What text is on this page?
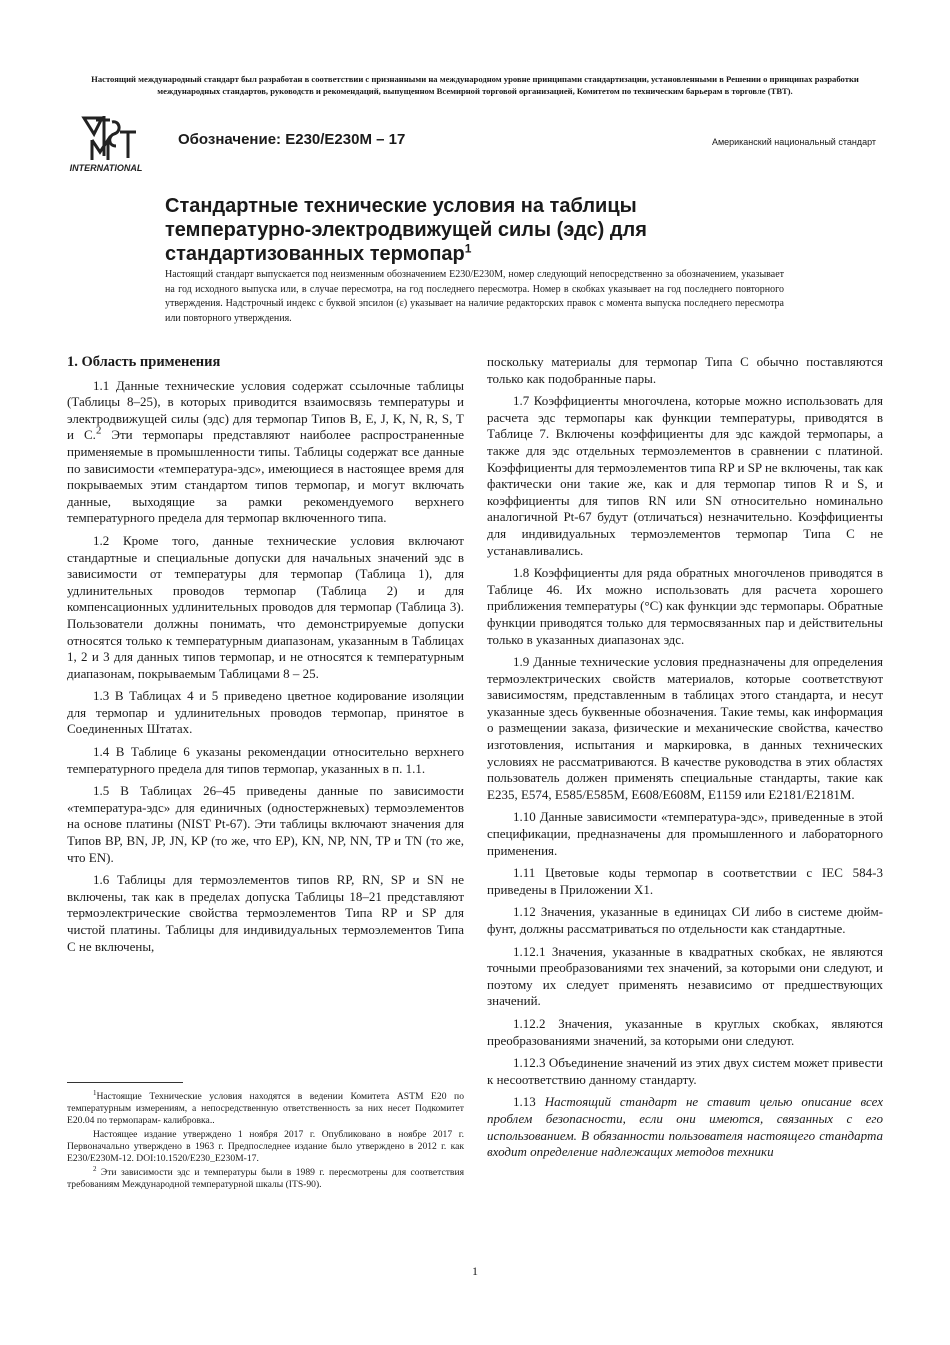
Настоящий международный стандарт был разработан в соответствии с признанными на международном уровне принципами стандартизации, установленными в Решении о принципах разработки международных стандартов, руководств и рекомендаций, выпущенном Всемирной торговой организацией, Комитетом по техническим барьерам в торговле (ТВТ).
INTERNATIONAL
Обозначение: E230/E230M – 17	Американский национальный стандарт
Стандартные технические условия на таблицы температурно-электродвижущей силы (эдс) для стандартизованных термопар$^1$
Настоящий стандарт выпускается под неизменным обозначением E230/E230M, номер следующий непосредственно за обозначением, указывает на год исходного выпуска или, в случае пересмотра, на год последнего пересмотра. Номер в скобках указывает на год последнего повторного утверждения. Надстрочный индекс с буквой эпсилон (ε) указывает на наличие редакторских правок с момента выпуска последнего пересмотра или повторного утверждения.
1. Область применения

1.1 Данные технические условия содержат ссылочные таблицы (Таблицы 8–25), в которых приводится взаимосвязь температуры и электродвижущей силы (эдс) для термопар Типов B, E, J, K, N, R, S, T и C.$^2$ Эти термопары представляют наиболее распространенные применяемые в промышленности типы. Таблицы содержат все данные по зависимости «температура-эдс», имеющиеся в настоящее время для покрываемых этим стандартом типов термопар, и могут включать данные, выходящие за рамки рекомендуемого верхнего температурного предела для термопар включенного типа.

1.2 Кроме того, данные технические условия включают стандартные и специальные допуски для начальных значений эдс в зависимости от температуры для термопар (Таблица 1), для удлинительных проводов термопар (Таблица 2) и для компенсационных удлинительных проводов для термопар (Таблица 3). Пользователи должны понимать, что демонстрируемые допуски относятся только к температурным диапазонам, указанным в Таблицах 1, 2 и 3 для данных типов термопар, и не относятся к температурным диапазонам, покрываемым Таблицами 8 – 25.

1.3 В Таблицах 4 и 5 приведено цветное кодирование изоляции для термопар и удлинительных проводов термопар, принятое в Соединенных Штатах.

1.4 В Таблице 6 указаны рекомендации относительно верхнего температурного предела для типов термопар, указанных в п. 1.1.

1.5 В Таблицах 26–45 приведены данные по зависимости «температура-эдс» для единичных (одностержневых) термоэлементов на основе платины (NIST Pt-67). Эти таблицы включают значения для Типов BP, BN, JP, JN, KP (то же, что EP), KN, NP, NN, TP и TN (то же, что EN).

1.6 Таблицы для термоэлементов типов RP, RN, SP и SN не включены, так как в пределах допуска Таблицы 18–21 представляют термоэлектрические свойства термоэлементов Типа RP и SP для чистой платины. Таблицы для индивидуальных термоэлементов Типа C не включены,

поскольку материалы для термопар Типа C обычно поставляются только как подобранные пары.

1.7 Коэффициенты многочлена, которые можно использовать для расчета эдс термопары как функции температуры, приводятся в Таблице 7. Включены коэффициенты для эдс каждой термопары, а также для эдс отдельных термоэлементов в сравнении с платиной. Коэффициенты для термоэлементов типа RP и SP не включены, так как фактически они такие же, как и для термопар типов R и S, и коэффициенты для типов RN или SN относительно номинально аналогичной Pt-67 будут (отличаться) незначительно. Коэффициенты для индивидуальных термоэлементов термопар Типа C не устанавливались.

1.8 Коэффициенты для ряда обратных многочленов приводятся в Таблице 46. Их можно использовать для расчета хорошего приближения температуры (°C) как функции эдс термопары. Обратные функции приводятся только для термосвязанных пар и действительны только в указанных диапазонах эдс.

1.9 Данные технические условия предназначены для определения термоэлектрических свойств материалов, которые соответствуют зависимостям, представленным в таблицах этого стандарта, и несут указанные здесь буквенные обозначения. Такие темы, как информация о размещении заказа, физические и механические свойства, качество изготовления, испытания и маркировка, в данных технических условиях не рассматриваются. В качестве руководства в этих областях пользователь должен применять специальные стандарты, такие как E235, E574, E585/E585M, E608/E608M, E1159 или E2181/E2181M.

1.10 Данные зависимости «температура-эдс», приведенные в этой спецификации, предназначены для промышленного и лабораторного применения.

1.11 Цветовые коды термопар в соответствии с IEC 584-3 приведены в Приложении X1.

1.12 Значения, указанные в единицах СИ либо в системе дюйм-фунт, должны рассматриваться по отдельности как стандартные.

1.12.1 Значения, указанные в квадратных скобках, не являются точными преобразованиями тех значений, за которыми они следуют, и поэтому их следует применять независимо от предшествующих значений.

1.12.2 Значения, указанные в круглых скобках, являются преобразованиями значений, за которыми они следуют.

1.12.3 Объединение значений из этих двух систем может привести к несоответствию данному стандарту.

1.13 Настоящий стандарт не ставит целью описание всех проблем безопасности, если они имеются, связанных с его использованием. В обязанности пользователя настоящего стандарта входит определение надлежащих методов техники

$^1$Настоящие Технические условия находятся в ведении Комитета ASTM E20 по температурным измерениям, а непосредственную ответственность за них несет Подкомитет E20.04 по термопарам- калибровка..

Настоящее издание утверждено 1 ноября 2017 г. Опубликовано в ноябре 2017 г. Первоначально утверждено в 1963 г. Предпоследнее издание было утверждено в 2012 г. как E230/E230M-12. DOI:10.1520/E230_E230M-17.

$^2$ Эти зависимости эдс и температуры были в 1989 г. пересмотрены для соответствия требованиям Международной температурной шкалы (ITS-90).

1
